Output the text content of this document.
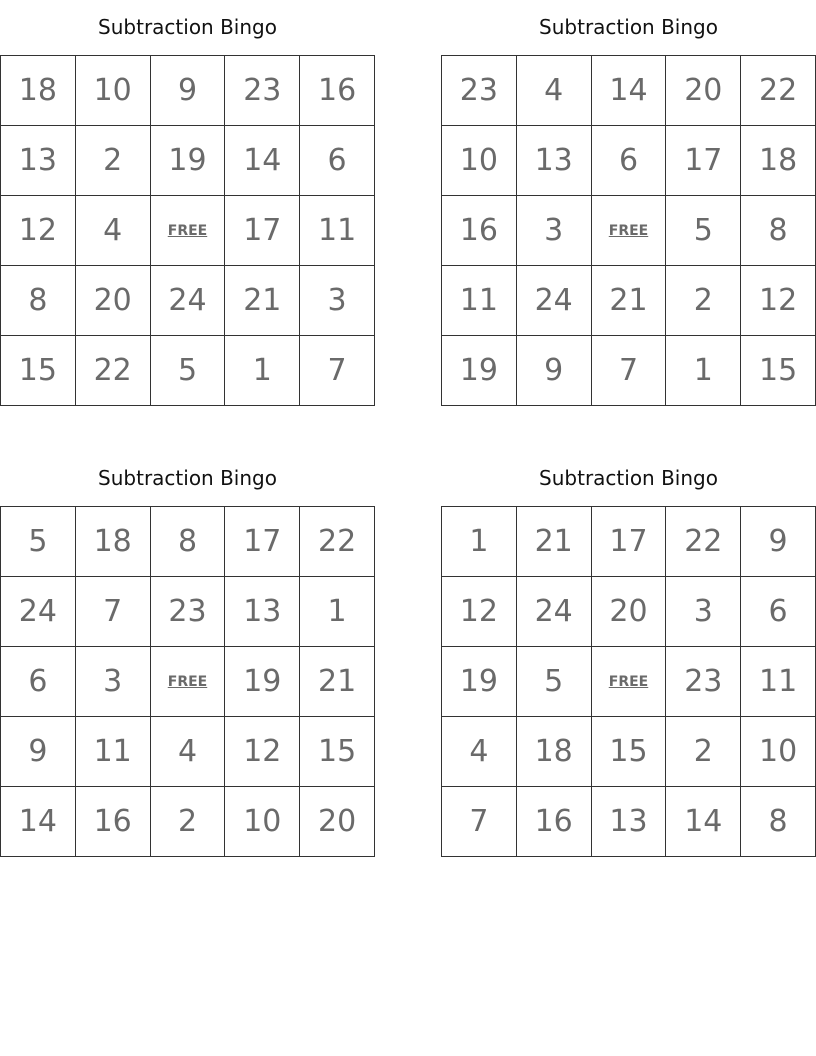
Subtraction Bingo
18 10 9 23 16
13 2 19 14 6
12 4	FREE 17 11
8 20 24 21 3
15 22 5 1 7
Subtraction Bingo
23 4 14 20 22
10 13 6 17 18
16 3	FREE 5 8
11 24 21 2 12
19 9 7 1 15
Subtraction Bingo
5 18 8 17 22
24 7 23 13 1
6 3	FREE 19 21
9 11 4 12 15
14 16 2 10 20
Subtraction Bingo
1 21 17 22 9
12 24 20 3 6
19 5	FREE 23 11
4 18 15 2 10
7 16 13 14 8
